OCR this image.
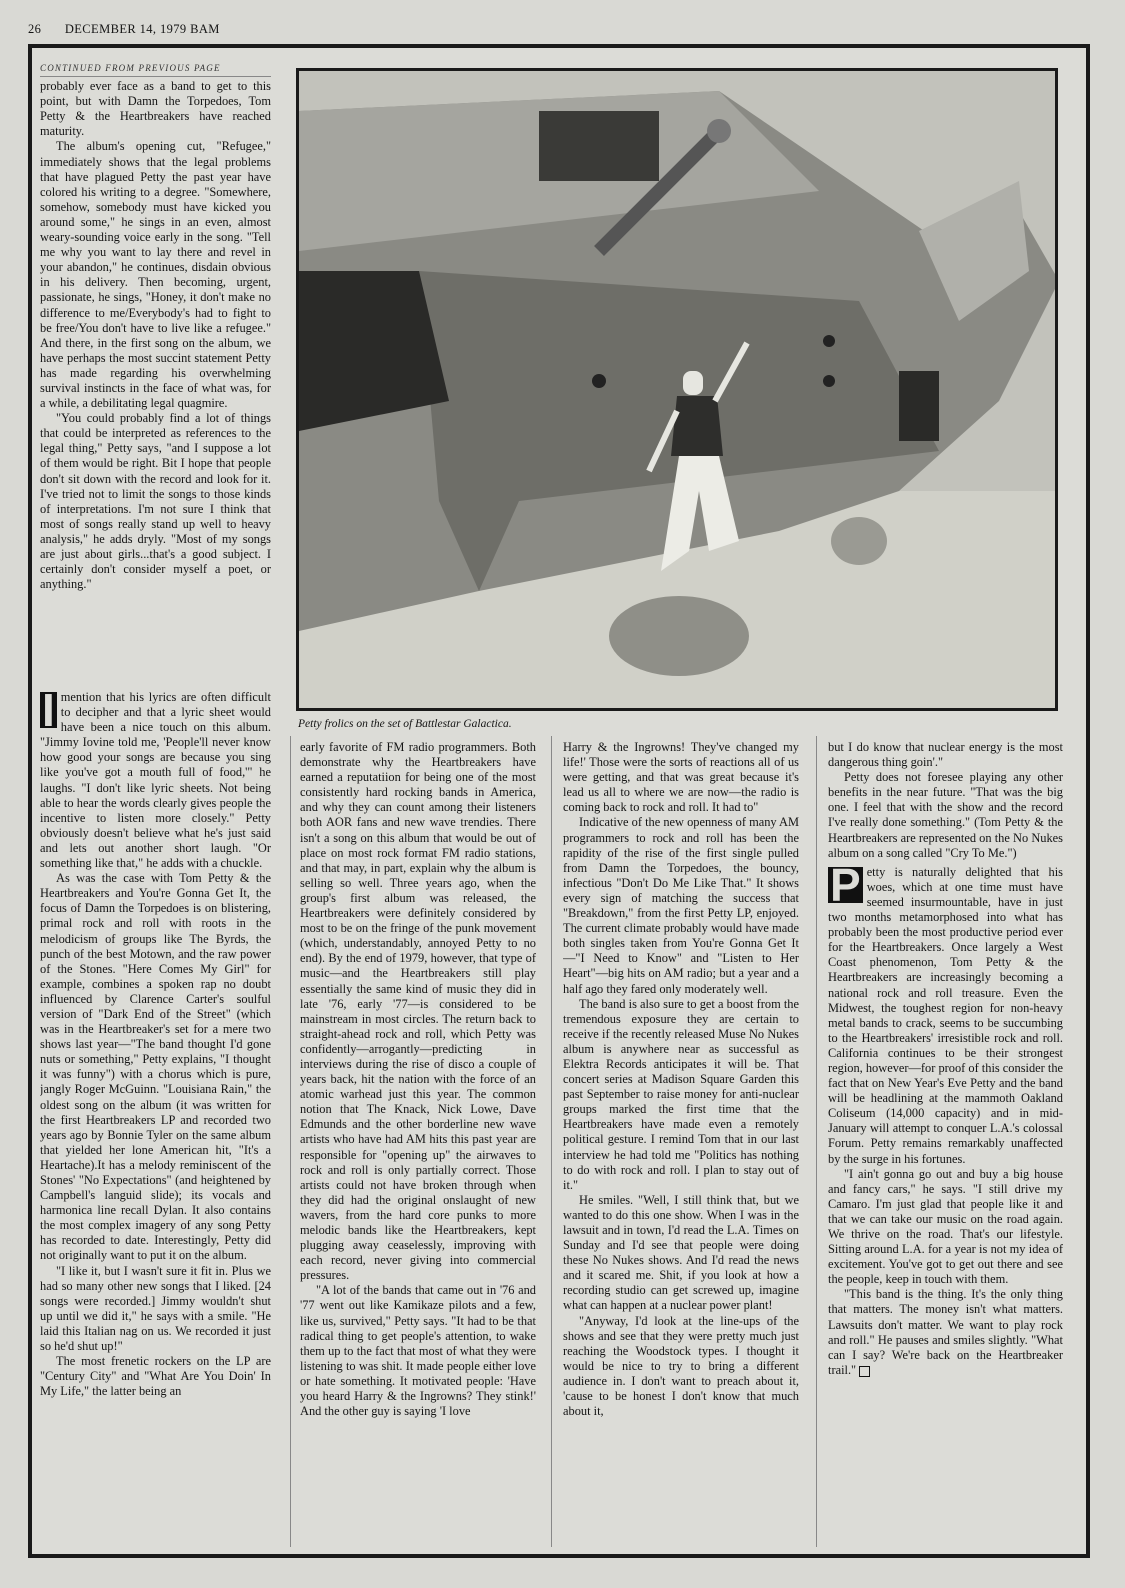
26 DECEMBER 14, 1979 BAM
CONTINUED FROM PREVIOUS PAGE

probably ever face as a band to get to this point, but with Damn the Torpedoes, Tom Petty & the Heartbreakers have reached maturity.

The album's opening cut, "Refugee," immediately shows that the legal problems that have plagued Petty the past year have colored his writing to a degree. "Somewhere, somehow, somebody must have kicked you around some," he sings in an even, almost weary-sounding voice early in the song. "Tell me why you want to lay there and revel in your abandon," he continues, disdain obvious in his delivery. Then becoming, urgent, passionate, he sings, "Honey, it don't make no difference to me/Everybody's had to fight to be free/You don't have to live like a refugee." And there, in the first song on the album, we have perhaps the most succint statement Petty has made regarding his overwhelming survival instincts in the face of what was, for a while, a debilitating legal quagmire.

"You could probably find a lot of things that could be interpreted as references to the legal thing," Petty says, "and I suppose a lot of them would be right. Bit I hope that people don't sit down with the record and look for it. I've tried not to limit the songs to those kinds of interpretations. I'm not sure I think that most of songs really stand up well to heavy analysis," he adds dryly. "Most of my songs are just about girls...that's a good subject. I certainly don't consider myself a poet, or anything."

Petty frolics on the set of Battlestar Galactica.

I mention that his lyrics are often difficult to decipher and that a lyric sheet would have been a nice touch on this album. "Jimmy Iovine told me, 'People'll never know how good your songs are because you sing like you've got a mouth full of food,'" he laughs. "I don't like lyric sheets. Not being able to hear the words clearly gives people the incentive to listen more closely." Petty obviously doesn't believe what he's just said and lets out another short laugh. "Or something like that," he adds with a chuckle.

As was the case with Tom Petty & the Heartbreakers and You're Gonna Get It, the focus of Damn the Torpedoes is on blistering, primal rock and roll with roots in the melodicism of groups like The Byrds, the punch of the best Motown, and the raw power of the Stones. "Here Comes My Girl" for example, combines a spoken rap no doubt influenced by Clarence Carter's soulful version of "Dark End of the Street" (which was in the Heartbreaker's set for a mere two shows last year—"The band thought I'd gone nuts or something," Petty explains, "I thought it was funny") with a chorus which is pure, jangly Roger McGuinn. "Louisiana Rain," the oldest song on the album (it was written for the first Heartbreakers LP and recorded two years ago by Bonnie Tyler on the same album that yielded her lone American hit, "It's a Heartache).It has a melody reminiscent of the Stones' "No Expectations" (and heightened by Campbell's languid slide); its vocals and harmonica line recall Dylan. It also contains the most complex imagery of any song Petty has recorded to date. Interestingly, Petty did not originally want to put it on the album.

"I like it, but I wasn't sure it fit in. Plus we had so many other new songs that I liked. [24 songs were recorded.] Jimmy wouldn't shut up until we did it," he says with a smile. "He laid this Italian nag on us. We recorded it just so he'd shut up!"

The most frenetic rockers on the LP are "Century City" and "What Are You Doin' In My Life," the latter being an

early favorite of FM radio programmers. Both demonstrate why the Heartbreakers have earned a reputatiion for being one of the most consistently hard rocking bands in America, and why they can count among their listeners both AOR fans and new wave trendies. There isn't a song on this album that would be out of place on most rock format FM radio stations, and that may, in part, explain why the album is selling so well. Three years ago, when the group's first album was released, the Heartbreakers were definitely considered by most to be on the fringe of the punk movement (which, understandably, annoyed Petty to no end). By the end of 1979, however, that type of music—and the Heartbreakers still play essentially the same kind of music they did in late '76, early '77—is considered to be mainstream in most circles. The return back to straight-ahead rock and roll, which Petty was confidently—arrogantly—predicting in interviews during the rise of disco a couple of years back, hit the nation with the force of an atomic warhead just this year. The common notion that The Knack, Nick Lowe, Dave Edmunds and the other borderline new wave artists who have had AM hits this past year are responsible for "opening up" the airwaves to rock and roll is only partially correct. Those artists could not have broken through when they did had the original onslaught of new wavers, from the hard core punks to more melodic bands like the Heartbreakers, kept plugging away ceaselessly, improving with each record, never giving into commercial pressures.

"A lot of the bands that came out in '76 and '77 went out like Kamikaze pilots and a few, like us, survived," Petty says. "It had to be that radical thing to get people's attention, to wake them up to the fact that most of what they were listening to was shit. It made people either love or hate something. It motivated people: 'Have you heard Harry & the Ingrowns? They stink!' And the other guy is saying 'I love

Harry & the Ingrowns! They've changed my life!' Those were the sorts of reactions all of us were getting, and that was great because it's lead us all to where we are now—the radio is coming back to rock and roll. It had to"

Indicative of the new openness of many AM programmers to rock and roll has been the rapidity of the rise of the first single pulled from Damn the Torpedoes, the bouncy, infectious "Don't Do Me Like That." It shows every sign of matching the success that "Breakdown," from the first Petty LP, enjoyed. The current climate probably would have made both singles taken from You're Gonna Get It—"I Need to Know" and "Listen to Her Heart"—big hits on AM radio; but a year and a half ago they fared only moderately well.

The band is also sure to get a boost from the tremendous exposure they are certain to receive if the recently released Muse No Nukes album is anywhere near as successful as Elektra Records anticipates it will be. That concert series at Madison Square Garden this past September to raise money for anti-nuclear groups marked the first time that the Heartbreakers have made even a remotely political gesture. I remind Tom that in our last interview he had told me "Politics has nothing to do with rock and roll. I plan to stay out of it."

He smiles. "Well, I still think that, but we wanted to do this one show. When I was in the lawsuit and in town, I'd read the L.A. Times on Sunday and I'd see that people were doing these No Nukes shows. And I'd read the news and it scared me. Shit, if you look at how a recording studio can get screwed up, imagine what can happen at a nuclear power plant!

"Anyway, I'd look at the line-ups of the shows and see that they were pretty much just reaching the Woodstock types. I thought it would be nice to try to bring a different audience in. I don't want to preach about it, 'cause to be honest I don't know that much about it,

but I do know that nuclear energy is the most dangerous thing goin'."

Petty does not foresee playing any other benefits in the near future. "That was the big one. I feel that with the show and the record I've really done something." (Tom Petty & the Heartbreakers are represented on the No Nukes album on a song called "Cry To Me.")

P etty is naturally delighted that his woes, which at one time must have seemed insurmountable, have in just two months metamorphosed into what has probably been the most productive period ever for the Heartbreakers. Once largely a West Coast phenomenon, Tom Petty & the Heartbreakers are increasingly becoming a national rock and roll treasure. Even the Midwest, the toughest region for non-heavy metal bands to crack, seems to be succumbing to the Heartbreakers' irresistible rock and roll. California continues to be their strongest region, however—for proof of this consider the fact that on New Year's Eve Petty and the band will be headlining at the mammoth Oakland Coliseum (14,000 capacity) and in mid-January will attempt to conquer L.A.'s colossal Forum. Petty remains remarkably unaffected by the surge in his fortunes.

"I ain't gonna go out and buy a big house and fancy cars," he says. "I still drive my Camaro. I'm just glad that people like it and that we can take our music on the road again. We thrive on the road. That's our lifestyle. Sitting around L.A. for a year is not my idea of excitement. You've got to get out there and see the people, keep in touch with them.

"This band is the thing. It's the only thing that matters. The money isn't what matters. Lawsuits don't matter. We want to play rock and roll." He pauses and smiles slightly. "What can I say? We're back on the Heartbreaker trail."
